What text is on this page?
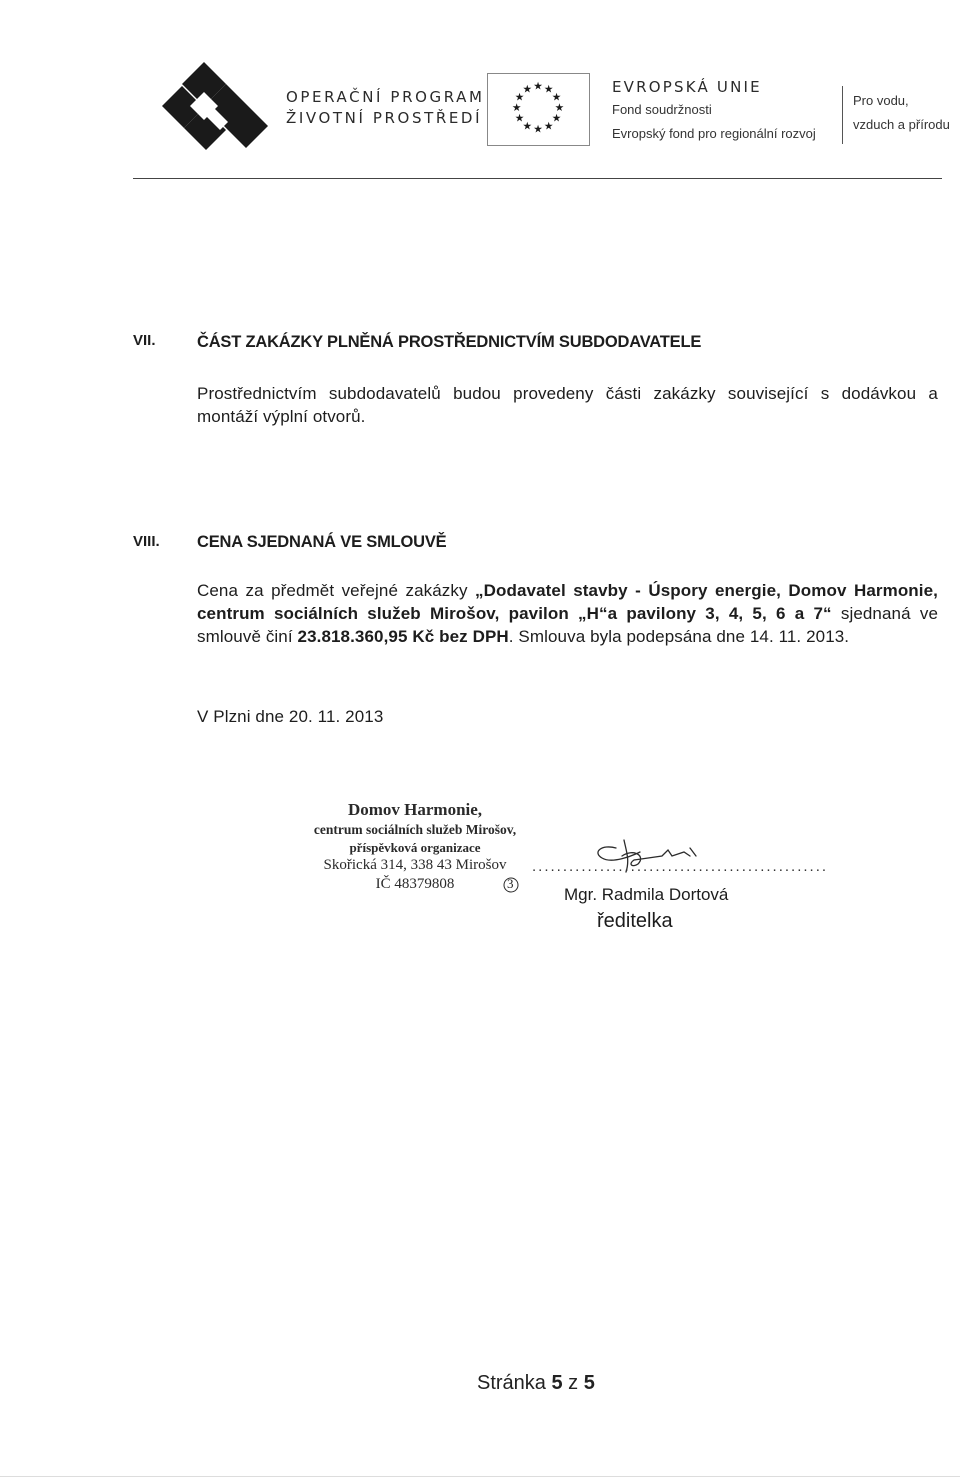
OPERAČNÍ PROGRAM
ŽIVOTNÍ PROSTŘEDÍ
★ ★
★
★
★
★
★
★
★
★
★
★	EVROPSKÁ UNIE
Fond soudržnosti
Evropský fond pro regionální rozvoj
Pro vodu,
vzduch a přírodu
VII.	ČÁST ZAKÁZKY PLNĚNÁ PROSTŘEDNICTVÍM SUBDODAVATELE
Prostřednictvím subdodavatelů budou provedeny části zakázky související s dodávkou a
montáží výplní otvorů.
VIII. CENA SJEDNANÁ VE SMLOUVĚ
Cena za předmět veřejné zakázky „Dodavatel stavby - Úspory energie, Domov Harmonie,
centrum sociálních služeb Mirošov, pavilon „H“a pavilony 3, 4, 5, 6 a 7“ sjednaná ve
smlouvě činí 23.818.360,95 Kč bez DPH. Smlouva byla podepsána dne 14. 11. 2013.
V Plzni dne 20. 11. 2013
Domov Harmonie,
centrum sociálních služeb Mirošov,
příspěvková organizace
Skořická 314, 338 43 Mirošov
IČ 48379808	3
................................................
Mgr. Radmila Dortová
ředitelka
Stránka 5 z 5
